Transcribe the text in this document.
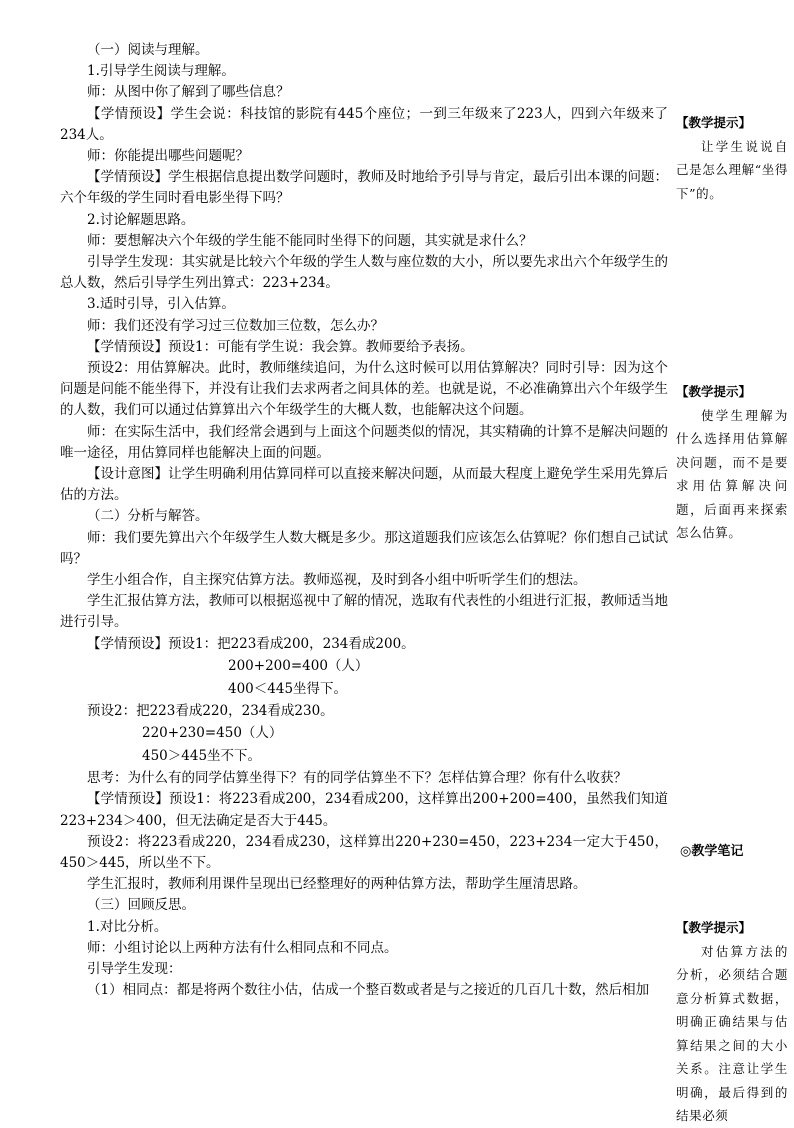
（一）阅读与理解。

1.引导学生阅读与理解。

师：从图中你了解到了哪些信息？

【学情预设】学生会说：科技馆的影院有445个座位；一到三年级来了223人，四到六年级来了234人。

师：你能提出哪些问题呢？

【学情预设】学生根据信息提出数学问题时，教师及时地给予引导与肯定，最后引出本课的问题：六个年级的学生同时看电影坐得下吗？

2.讨论解题思路。

师：要想解决六个年级的学生能不能同时坐得下的问题，其实就是求什么？

引导学生发现：其实就是比较六个年级的学生人数与座位数的大小，所以要先求出六个年级学生的总人数，然后引导学生列出算式：223+234。

3.适时引导，引入估算。

师：我们还没有学习过三位数加三位数，怎么办？

【学情预设】预设1：可能有学生说：我会算。教师要给予表扬。

预设2：用估算解决。此时，教师继续追问，为什么这时候可以用估算解决？同时引导：因为这个问题是问能不能坐得下，并没有让我们去求两者之间具体的差。也就是说，不必准确算出六个年级学生的人数，我们可以通过估算算出六个年级学生的大概人数，也能解决这个问题。

师：在实际生活中，我们经常会遇到与上面这个问题类似的情况，其实精确的计算不是解决问题的唯一途径，用估算同样也能解决上面的问题。

【设计意图】让学生明确利用估算同样可以直接来解决问题，从而最大程度上避免学生采用先算后估的方法。

（二）分析与解答。

师：我们要先算出六个年级学生人数大概是多少。那这道题我们应该怎么估算呢？你们想自己试试吗？

学生小组合作，自主探究估算方法。教师巡视，及时到各小组中听听学生们的想法。

学生汇报估算方法，教师可以根据巡视中了解的情况，选取有代表性的小组进行汇报，教师适当地进行引导。

【学情预设】预设1：把223看成200，234看成200。

200+200=400（人）

400＜445坐得下。

预设2：把223看成220，234看成230。

220+230=450（人）

450＞445坐不下。

思考：为什么有的同学估算坐得下？有的同学估算坐不下？怎样估算合理？你有什么收获？

【学情预设】预设1：将223看成200，234看成200，这样算出200+200=400，虽然我们知道223+234＞400，但无法确定是否大于445。

预设2：将223看成220，234看成230，这样算出220+230=450，223+234一定大于450，450＞445，所以坐不下。

学生汇报时，教师利用课件呈现出已经整理好的两种估算方法，帮助学生厘清思路。

（三）回顾反思。

1.对比分析。

师：小组讨论以上两种方法有什么相同点和不同点。

引导学生发现：

（1）相同点：都是将两个数往小估，估成一个整百数或者是与之接近的几百几十数，然后相加

【教学提示】

让学生说说自己是怎么理解“坐得下”的。

【教学提示】

使学生理解为什么选择用估算解决问题，而不是要求用估算解决问题，后面再来探索怎么估算。

◎教学笔记

【教学提示】

对估算方法的分析，必须结合题意分析算式数据，明确正确结果与估算结果之间的大小关系。注意让学生明确，最后得到的结果必须
